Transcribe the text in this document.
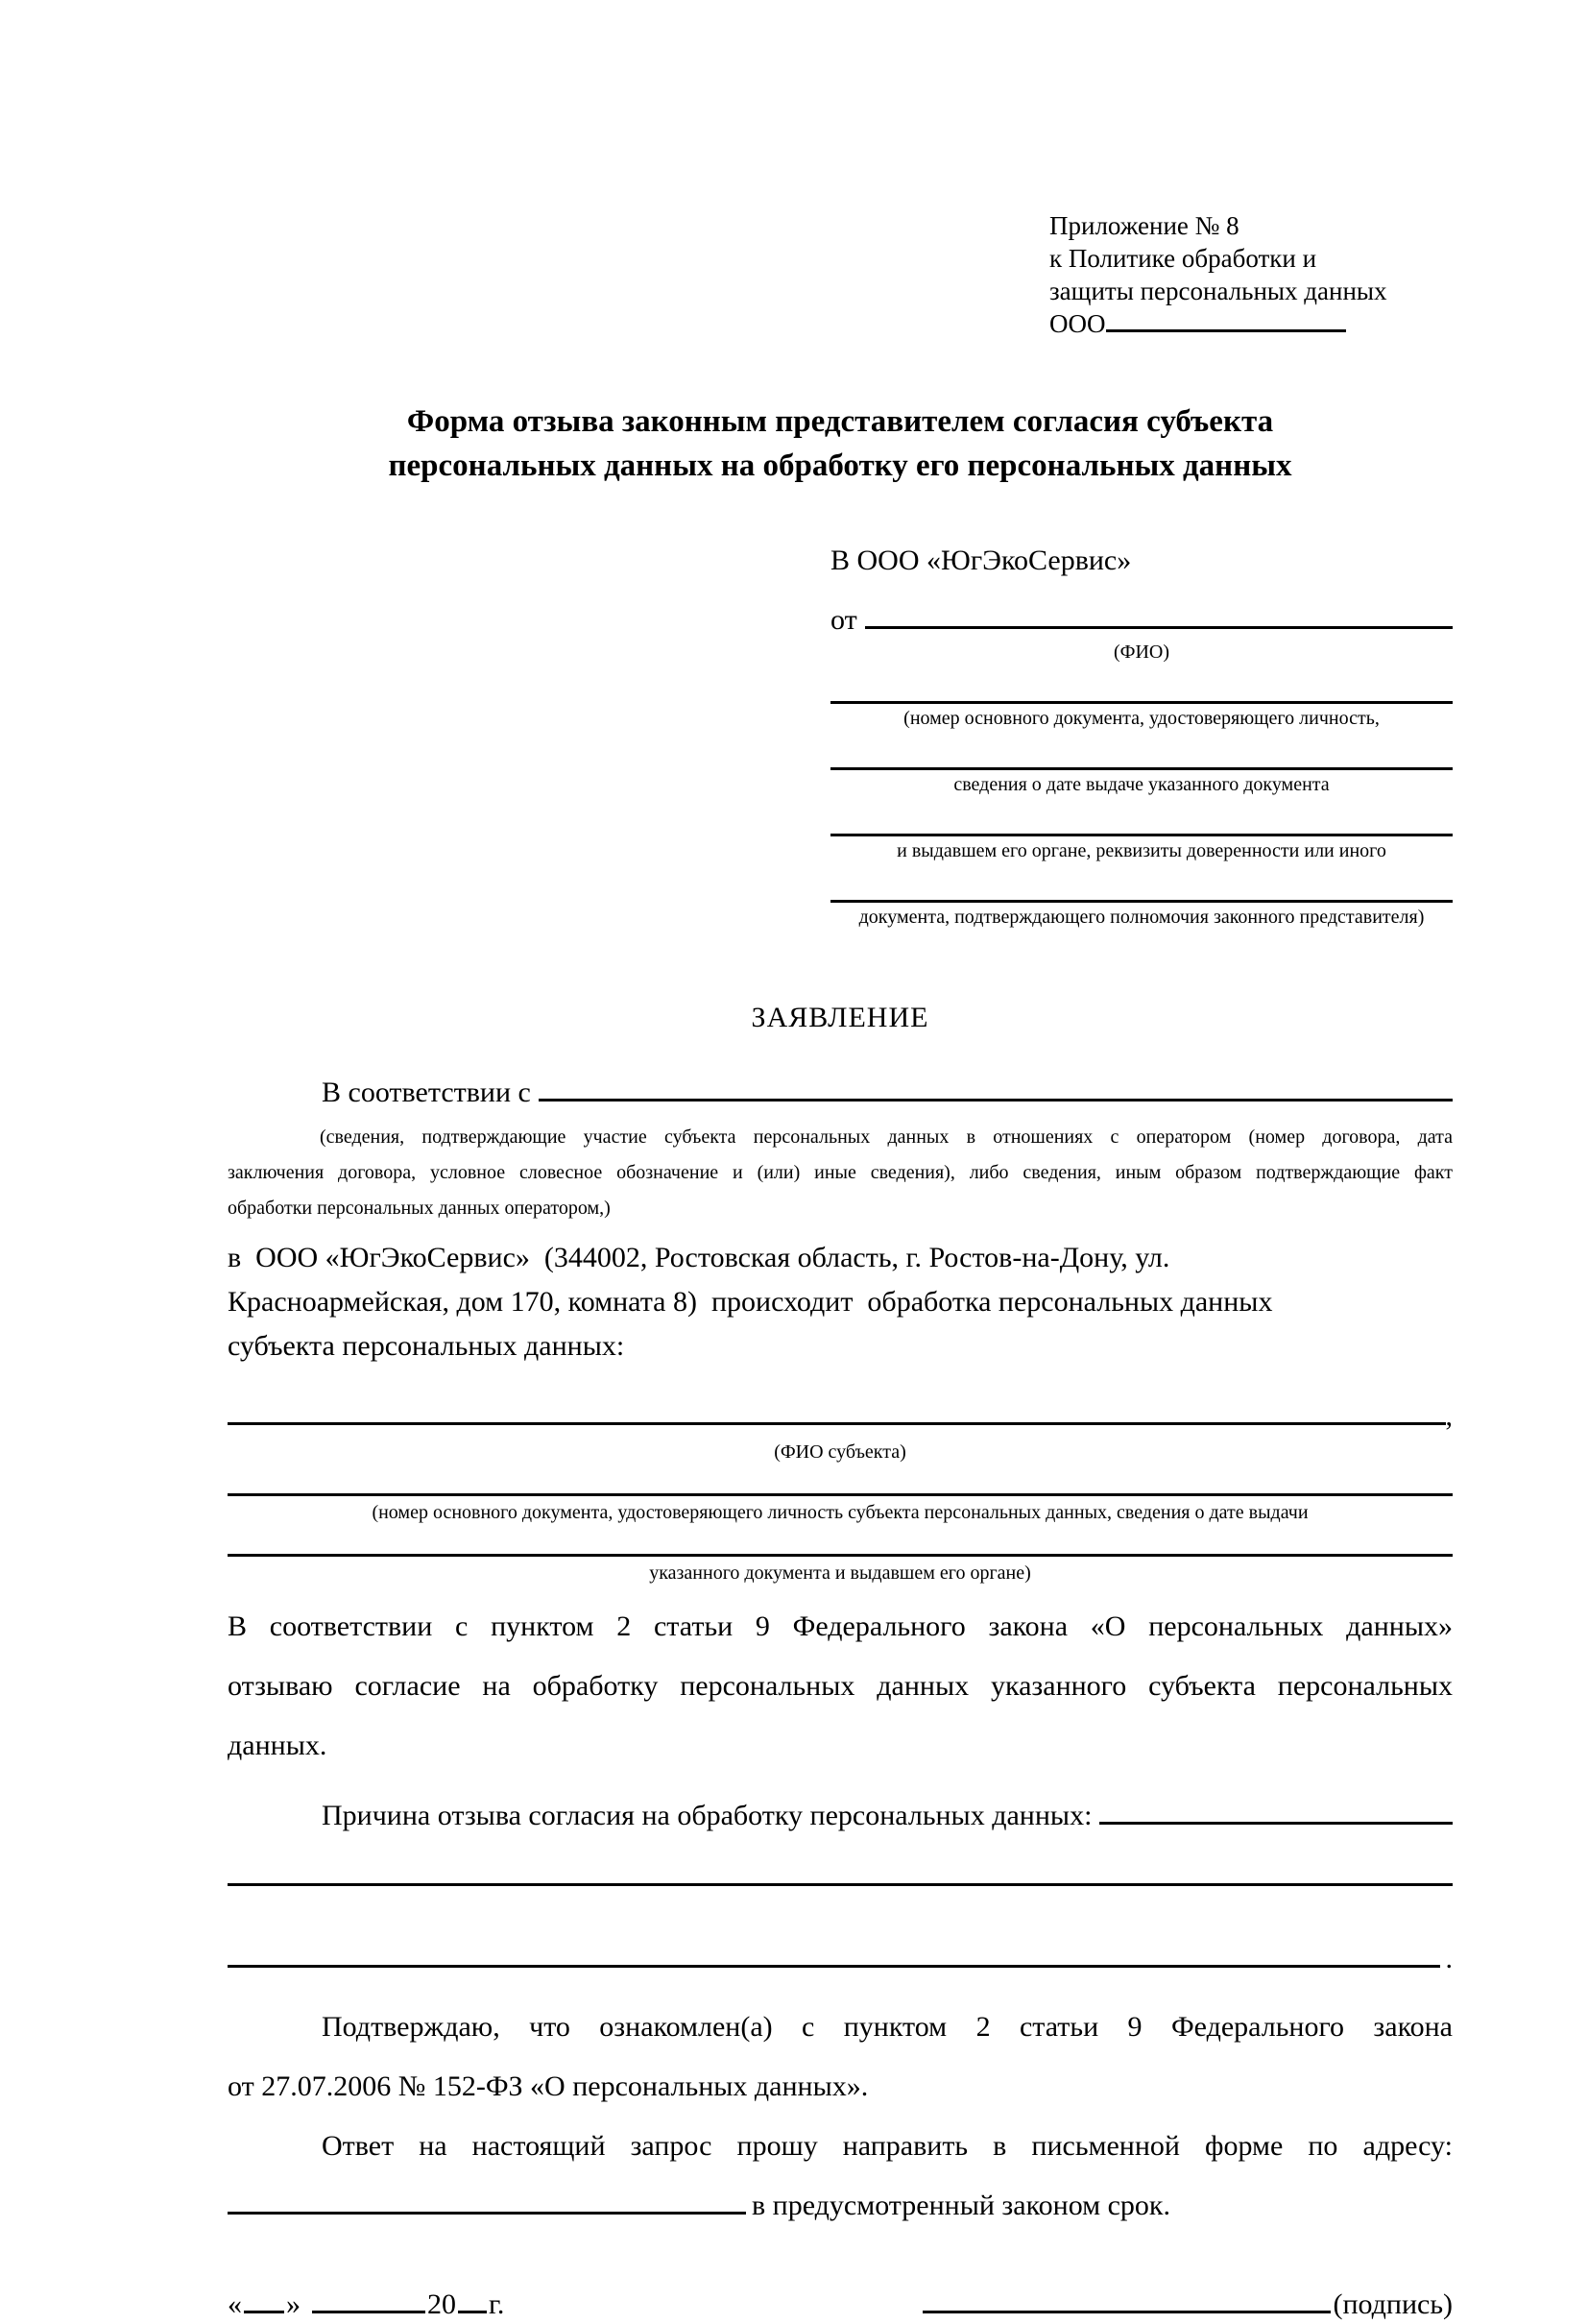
Приложение № 8
к Политике обработки и
защиты персональных данных
ООО
Форма отзыва законным представителем согласия субъекта
персональных данных на обработку его персональных данных
В ООО «ЮгЭкоСервис»
от
(ФИО)
(номер основного документа, удостоверяющего личность,
сведения о дате выдаче указанного документа
и выдавшем его органе, реквизиты доверенности или иного
документа, подтверждающего полномочия законного представителя)
ЗАЯВЛЕНИЕ
В соответствии с
(сведения, подтверждающие участие субъекта персональных данных в отношениях с оператором (номер договора, дата
заключения договора, условное словесное обозначение и (или) иные сведения), либо сведения, иным образом подтверждающие факт
обработки персональных данных оператором,)
в  ООО «ЮгЭкоСервис»  (344002, Ростовская область, г. Ростов-на-Дону, ул.
Красноармейская, дом 170, комната 8)  происходит  обработка персональных данных
субъекта персональных данных:
,
(ФИО субъекта)
(номер основного документа, удостоверяющего личность субъекта персональных данных, сведения о дате выдачи
указанного документа и выдавшем его органе)
В соответствии с пунктом 2 статьи 9 Федерального закона «О персональных данных»
отзываю согласие на обработку персональных данных указанного субъекта персональных
данных.
Причина отзыва согласия на обработку персональных данных:
.
Подтверждаю, что ознакомлен(а) с пунктом 2 статьи 9 Федерального закона
от 27.07.2006 № 152-ФЗ «О персональных данных».
Ответ на настоящий запрос прошу направить в письменной форме по адресу:
в предусмотренный законом срок.
« »	20 г.	(подпись)
